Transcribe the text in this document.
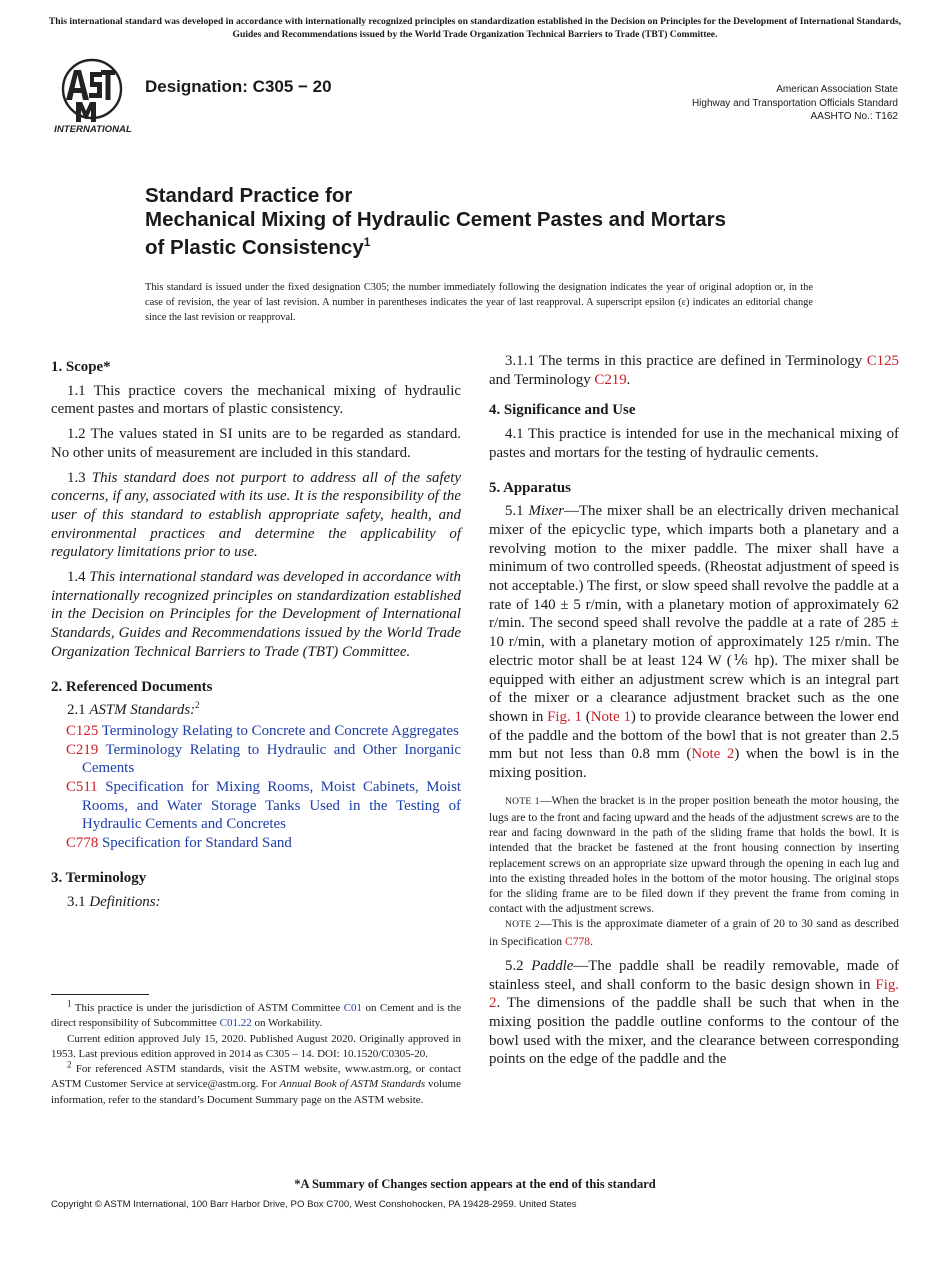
This international standard was developed in accordance with internationally recognized principles on standardization established in the Decision on Principles for the Development of International Standards, Guides and Recommendations issued by the World Trade Organization Technical Barriers to Trade (TBT) Committee.
INTERNATIONAL
Designation: C305 − 20	American Association State
Highway and Transportation Officials Standard
AASHTO No.: T162
Standard Practice for
Mechanical Mixing of Hydraulic Cement Pastes and Mortars
of Plastic Consistency$^1$
This standard is issued under the fixed designation C305; the number immediately following the designation indicates the year of original adoption or, in the case of revision, the year of last revision. A number in parentheses indicates the year of last reapproval. A superscript epsilon (ε) indicates an editorial change since the last revision or reapproval.
1. Scope*

1.1 This practice covers the mechanical mixing of hydraulic cement pastes and mortars of plastic consistency.

1.2 The values stated in SI units are to be regarded as standard. No other units of measurement are included in this standard.

1.3 This standard does not purport to address all of the safety concerns, if any, associated with its use. It is the responsibility of the user of this standard to establish appropriate safety, health, and environmental practices and determine the applicability of regulatory limitations prior to use.

1.4 This international standard was developed in accordance with internationally recognized principles on standardization established in the Decision on Principles for the Development of International Standards, Guides and Recommendations issued by the World Trade Organization Technical Barriers to Trade (TBT) Committee.

2. Referenced Documents

2.1 ASTM Standards:$^2$

C125 Terminology Relating to Concrete and Concrete Aggregates

C219 Terminology Relating to Hydraulic and Other Inorganic Cements

C511 Specification for Mixing Rooms, Moist Cabinets, Moist Rooms, and Water Storage Tanks Used in the Testing of Hydraulic Cements and Concretes

C778 Specification for Standard Sand

3. Terminology

3.1 Definitions:

3.1.1 The terms in this practice are defined in Terminology C125 and Terminology C219.

4. Significance and Use

4.1 This practice is intended for use in the mechanical mixing of pastes and mortars for the testing of hydraulic cements.

5. Apparatus

5.1 Mixer—The mixer shall be an electrically driven mechanical mixer of the epicyclic type, which imparts both a planetary and a revolving motion to the mixer paddle. The mixer shall have a minimum of two controlled speeds. (Rheostat adjustment of speed is not acceptable.) The first, or slow speed shall revolve the paddle at a rate of 140 ± 5 r/min, with a planetary motion of approximately 62 r/min. The second speed shall revolve the paddle at a rate of 285 ± 10 r/min, with a planetary motion of approximately 125 r/min. The electric motor shall be at least 124 W (⅙ hp). The mixer shall be equipped with either an adjustment screw which is an integral part of the mixer or a clearance adjustment bracket such as the one shown in Fig. 1 (Note 1) to provide clearance between the lower end of the paddle and the bottom of the bowl that is not greater than 2.5 mm but not less than 0.8 mm (Note 2) when the bowl is in the mixing position.

NOTE 1—When the bracket is in the proper position beneath the motor housing, the lugs are to the front and facing upward and the heads of the adjustment screws are to the rear and facing downward in the path of the sliding frame that holds the bowl. It is intended that the bracket be fastened at the front housing connection by inserting replacement screws on an appropriate size upward through the opening in each lug and into the existing threaded holes in the bottom of the motor housing. The original stops for the sliding frame are to be filed down if they prevent the frame from coming in contact with the adjustment screws.

NOTE 2—This is the approximate diameter of a grain of 20 to 30 sand as described in Specification C778.

5.2 Paddle—The paddle shall be readily removable, made of stainless steel, and shall conform to the basic design shown in Fig. 2. The dimensions of the paddle shall be such that when in the mixing position the paddle outline conforms to the contour of the bowl used with the mixer, and the clearance between corresponding points on the edge of the paddle and the

$^1$ This practice is under the jurisdiction of ASTM Committee C01 on Cement and is the direct responsibility of Subcommittee C01.22 on Workability.

Current edition approved July 15, 2020. Published August 2020. Originally approved in 1953. Last previous edition approved in 2014 as C305 – 14. DOI: 10.1520/C0305-20.

$^2$ For referenced ASTM standards, visit the ASTM website, www.astm.org, or contact ASTM Customer Service at service@astm.org. For Annual Book of ASTM Standards volume information, refer to the standard’s Document Summary page on the ASTM website.

*A Summary of Changes section appears at the end of this standard
Copyright © ASTM International, 100 Barr Harbor Drive, PO Box C700, West Conshohocken, PA 19428-2959. United States
